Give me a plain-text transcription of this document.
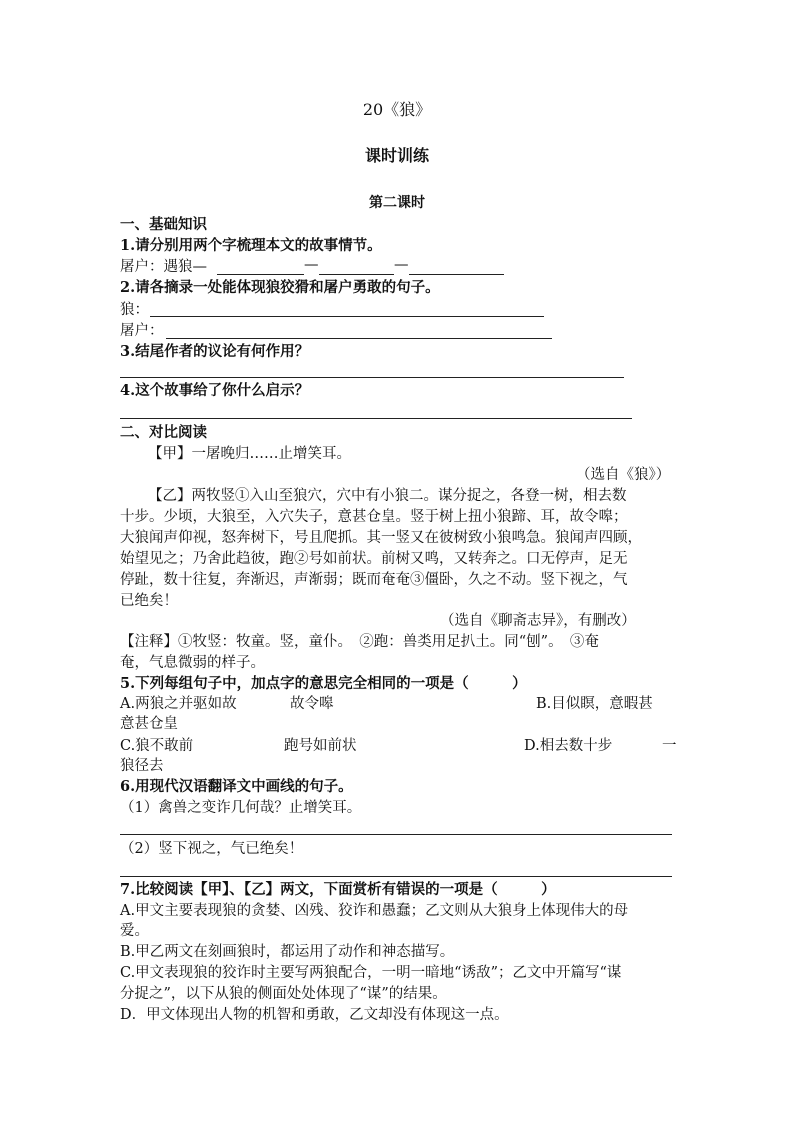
20《狼》
课时训练
第二课时
一、基础知识
1.请分别用两个字梳理本文的故事情节。
屠户：遇狼—	—	—
2.请各摘录一处能体现狼狡猾和屠户勇敢的句子。
狼：
屠户：
3.结尾作者的议论有何作用？
4.这个故事给了你什么启示？
二、对比阅读
【甲】一屠晚归……止增笑耳。
（选自《狼》）
【乙】两牧竖①入山至狼穴，穴中有小狼二。谋分捉之，各登一树，相去数
十步。少顷，大狼至，入穴失子，意甚仓皇。竖于树上扭小狼蹄、耳，故令嗥；
大狼闻声仰视，怒奔树下，号且爬抓。其一竖又在彼树致小狼鸣急。狼闻声四顾，
始望见之；乃舍此趋彼，跑②号如前状。前树又鸣，又转奔之。口无停声，足无
停趾，数十往复，奔渐迟，声渐弱；既而奄奄③僵卧，久之不动。竖下视之，气
已绝矣！
（选自《聊斋志异》，有删改）
【注释】①牧竖：牧童。竖，童仆。　②跑：兽类用足扒土。同“刨”。　③奄
奄，气息微弱的样子。
5.下列每组句子中，加点字的意思完全相同的一项是（　　　）
A.两狼之并驱如故	故令嗥	B.目似瞑，意暇甚
意甚仓皇
C.狼不敢前	跑号如前状	D.相去数十步	一
狼径去
6.用现代汉语翻译文中画线的句子。
（1）禽兽之变诈几何哉？止增笑耳。
（2）竖下视之，气已绝矣！
7.比较阅读【甲】、【乙】两文，下面赏析有错误的一项是（　　　）
A.甲文主要表现狼的贪婪、凶残、狡诈和愚蠢；乙文则从大狼身上体现伟大的母
爱。
B.甲乙两文在刻画狼时，都运用了动作和神态描写。
C.甲文表现狼的狡诈时主要写两狼配合，一明一暗地“诱敌”；乙文中开篇写“谋
分捉之”，以下从狼的侧面处处体现了“谋”的结果。
D．甲文体现出人物的机智和勇敢，乙文却没有体现这一点。
